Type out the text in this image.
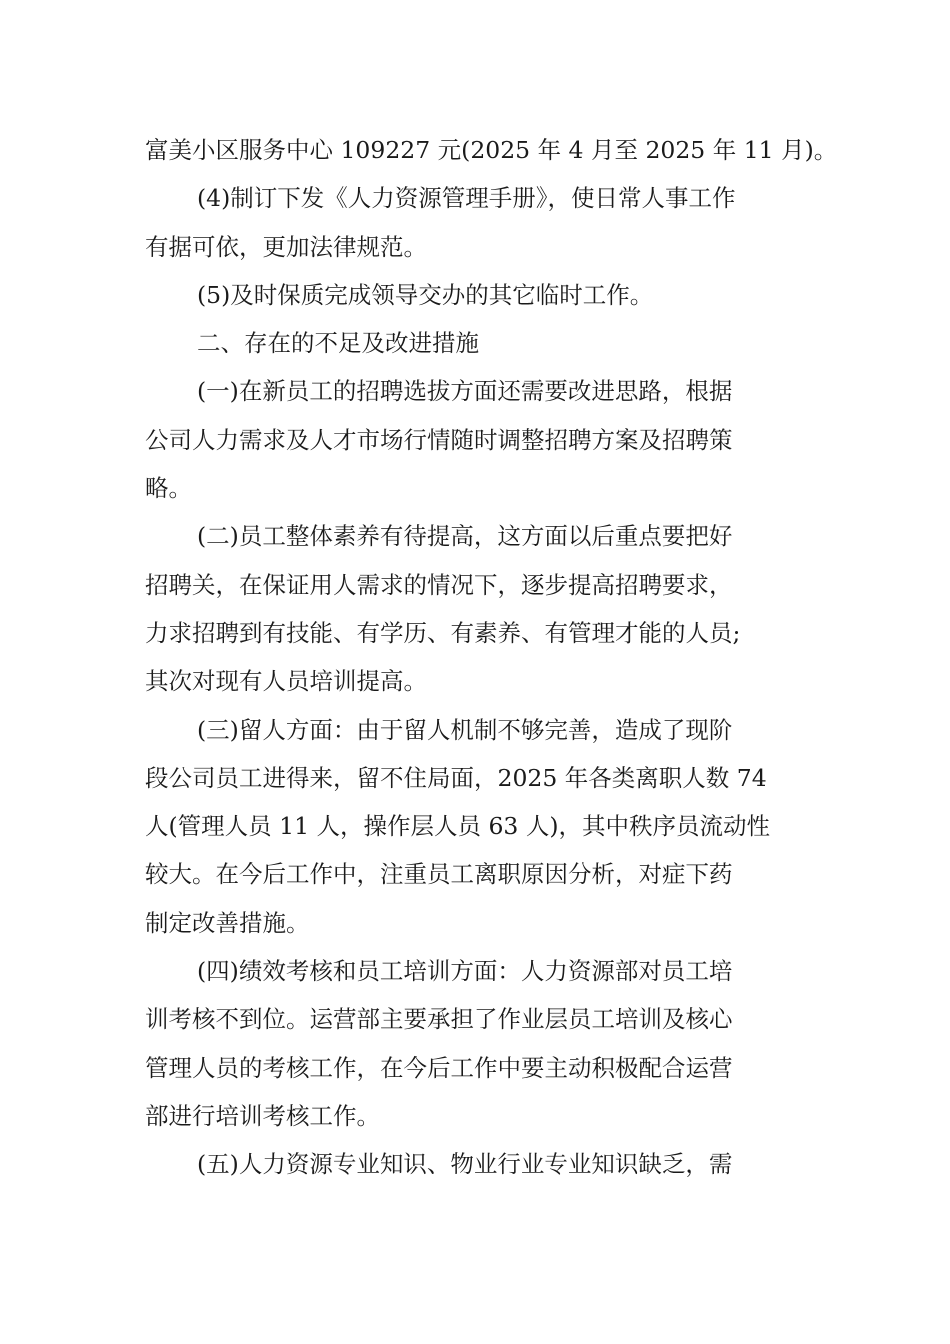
富美小区服务中心 109227 元(2025 年 4 月至 2025 年 11 月)。
(4)制订下发《人力资源管理手册》，使日常人事工作
有据可依，更加法律规范。
(5)及时保质完成领导交办的其它临时工作。
二、存在的不足及改进措施
(一)在新员工的招聘选拔方面还需要改进思路，根据
公司人力需求及人才市场行情随时调整招聘方案及招聘策
略。
(二)员工整体素养有待提高，这方面以后重点要把好
招聘关，在保证用人需求的情况下，逐步提高招聘要求，
力求招聘到有技能、有学历、有素养、有管理才能的人员;
其次对现有人员培训提高。
(三)留人方面：由于留人机制不够完善，造成了现阶
段公司员工进得来，留不住局面，2025 年各类离职人数 74
人(管理人员 11 人，操作层人员 63 人)，其中秩序员流动性
较大。在今后工作中，注重员工离职原因分析，对症下药
制定改善措施。
(四)绩效考核和员工培训方面：人力资源部对员工培
训考核不到位。运营部主要承担了作业层员工培训及核心
管理人员的考核工作，在今后工作中要主动积极配合运营
部进行培训考核工作。
(五)人力资源专业知识、物业行业专业知识缺乏，需
